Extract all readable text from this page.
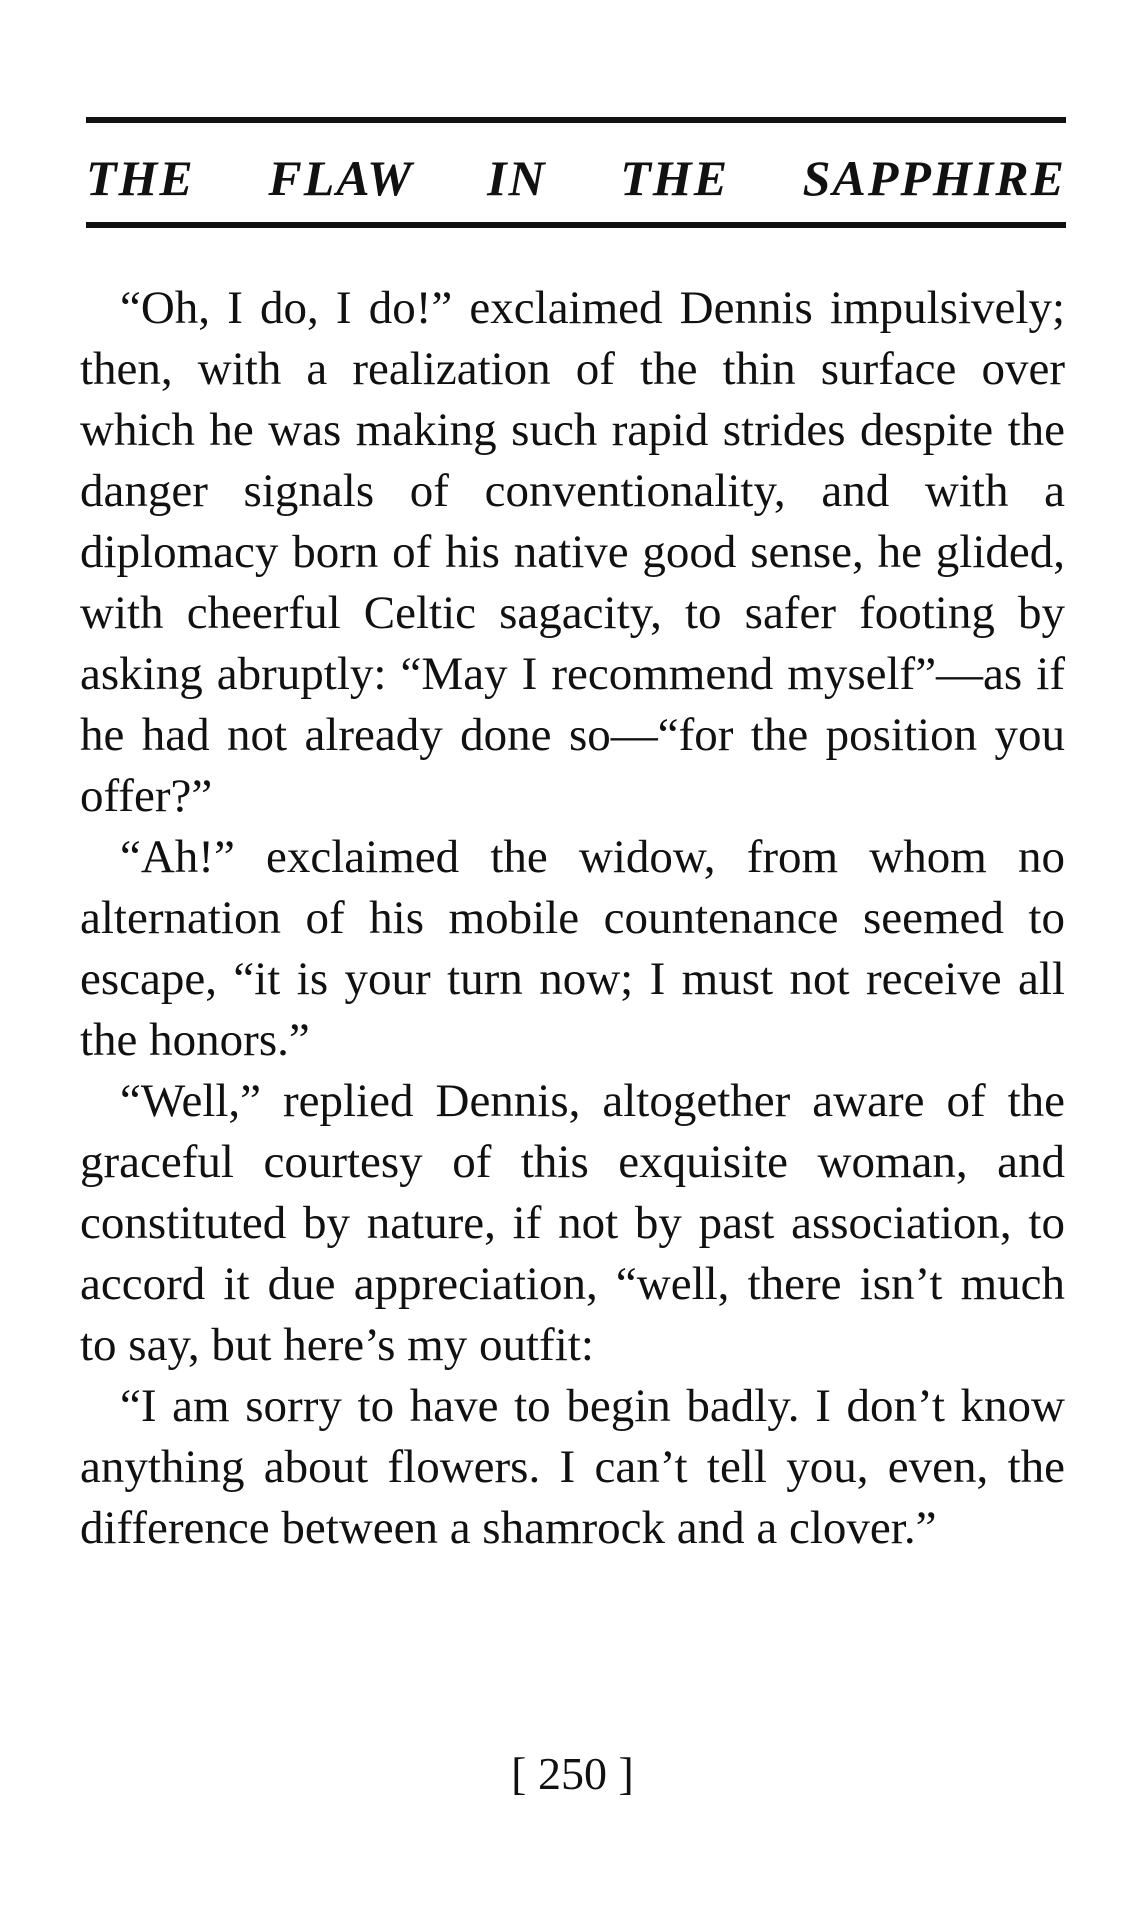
THE FLAW IN THE SAPPHIRE

“Oh, I do, I do!” exclaimed Dennis impulsively; then, with a realization of the thin surface over which he was making such rapid strides despite the danger signals of conventionality, and with a diplomacy born of his native good sense, he glided, with cheerful Celtic sagacity, to safer footing by asking abruptly: “May I recommend myself”—as if he had not already done so—“for the position you offer?”

“Ah!” exclaimed the widow, from whom no alternation of his mobile countenance seemed to escape, “it is your turn now; I must not receive all the honors.”

“Well,” replied Dennis, altogether aware of the graceful courtesy of this exquisite woman, and constituted by nature, if not by past association, to accord it due appreciation, “well, there isn’t much to say, but here’s my outfit:

“I am sorry to have to begin badly. I don’t know anything about flowers. I can’t tell you, even, the difference between a shamrock and a clover.”

[ 250 ]
